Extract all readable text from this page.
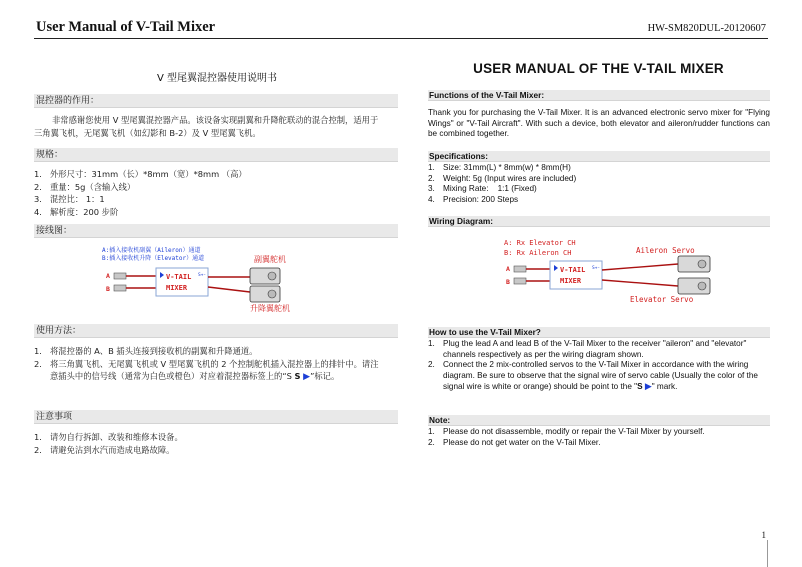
User Manual of V-Tail Mixer	HW-SM820DUL-20120607
V 型尾翼混控器使用说明书
混控器的作用：
非常感谢您使用 V 型尾翼混控器产品。该设备实现副翼和升降舵联动的混合控制，适用于三角翼飞机，无尾翼飞机（如幻影和 B-2）及 V 型尾翼飞机。
规格：
1. 外形尺寸：31mm（长）*8mm（宽）*8mm （高）
2. 重量：5g（含输入线）
3. 混控比： 1：1
4. 解析度：200 步阶
接线图：
A:插入接收机副翼（Aileron）通道
B:插入接收机升降（Elevator）通道
A
B
V-TAIL
MIXER
S+-
副翼舵机
升降翼舵机
使用方法：
1. 将混控器的 A、B 插头连接到接收机的副翼和升降通道。
2. 将三角翼飞机、无尾翼飞机或 V 型尾翼飞机的 2 个控制舵机插入混控器上的排针中。请注意插头中的信号线（通常为白色或橙色）对应着混控器标签上的“S S ▶”标记。
注意事项
1. 请勿自行拆卸、改装和维修本设备。
2. 请避免沾到水汽而造成电路故障。
USER MANUAL OF THE V-TAIL MIXER
Functions of the V-Tail Mixer:
Thank you for purchasing the V-Tail Mixer. It is an advanced electronic servo mixer for "Flying Wings" or "V-Tail Aircraft". With such a device, both elevator and aileron/rudder functions can be combined together.
Specifications:
1. Size: 31mm(L) * 8mm(w) * 8mm(H)
2. Weight: 5g (Input wires are included)
3. Mixing Rate:    1:1 (Fixed)
4. Precision: 200 Steps
Wiring Diagram:
A: Rx Elevator CH
B: Rx Aileron CH
A
B
V-TAIL
MIXER
S+-
Aileron Servo
Elevator Servo
How to use the V-Tail Mixer?
1. Plug the lead A and lead B of the V-Tail Mixer to the receiver "aileron" and "elevator" channels respectively as per the wiring diagram shown.
2. Connect the 2 mix-controlled servos to the V-Tail Mixer in accordance with the wiring diagram. Be sure to observe that the signal wire of servo cable (Usually the color of the signal wire is white or orange) should be point to the "S ▶" mark.
Note:
1. Please do not disassemble, modify or repair the V-Tail Mixer by yourself.
2. Please do not get water on the V-Tail Mixer.
1
